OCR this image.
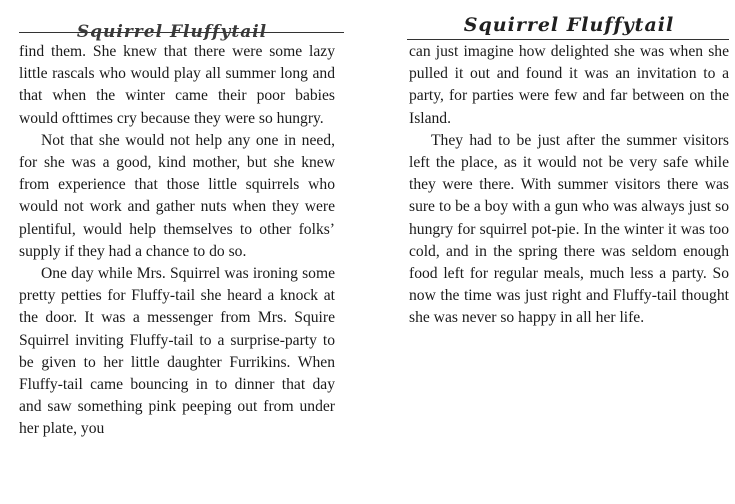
Squirrel Fluffytail

find them. She knew that there were some lazy little rascals who would play all summer long and that when the winter came their poor babies would ofttimes cry because they were so hungry.

Not that she would not help any one in need, for she was a good, kind mother, but she knew from experience that those little squirrels who would not work and gather nuts when they were plentiful, would help themselves to other folks’ supply if they had a chance to do so.

One day while Mrs. Squirrel was ironing some pretty petties for Fluffy-tail she heard a knock at the door. It was a messenger from Mrs. Squire Squirrel inviting Fluffy-tail to a surprise-party to be given to her little daughter Furrikins. When Fluffy-tail came bouncing in to dinner that day and saw something pink peeping out from under her plate, you

Squirrel Fluffytail

can just imagine how delighted she was when she pulled it out and found it was an invitation to a party, for parties were few and far between on the Island.

They had to be just after the summer visitors left the place, as it would not be very safe while they were there. With summer visitors there was sure to be a boy with a gun who was always just so hungry for squirrel pot-pie. In the winter it was too cold, and in the spring there was seldom enough food left for regular meals, much less a party. So now the time was just right and Fluffy-tail thought she was never so happy in all her life.
